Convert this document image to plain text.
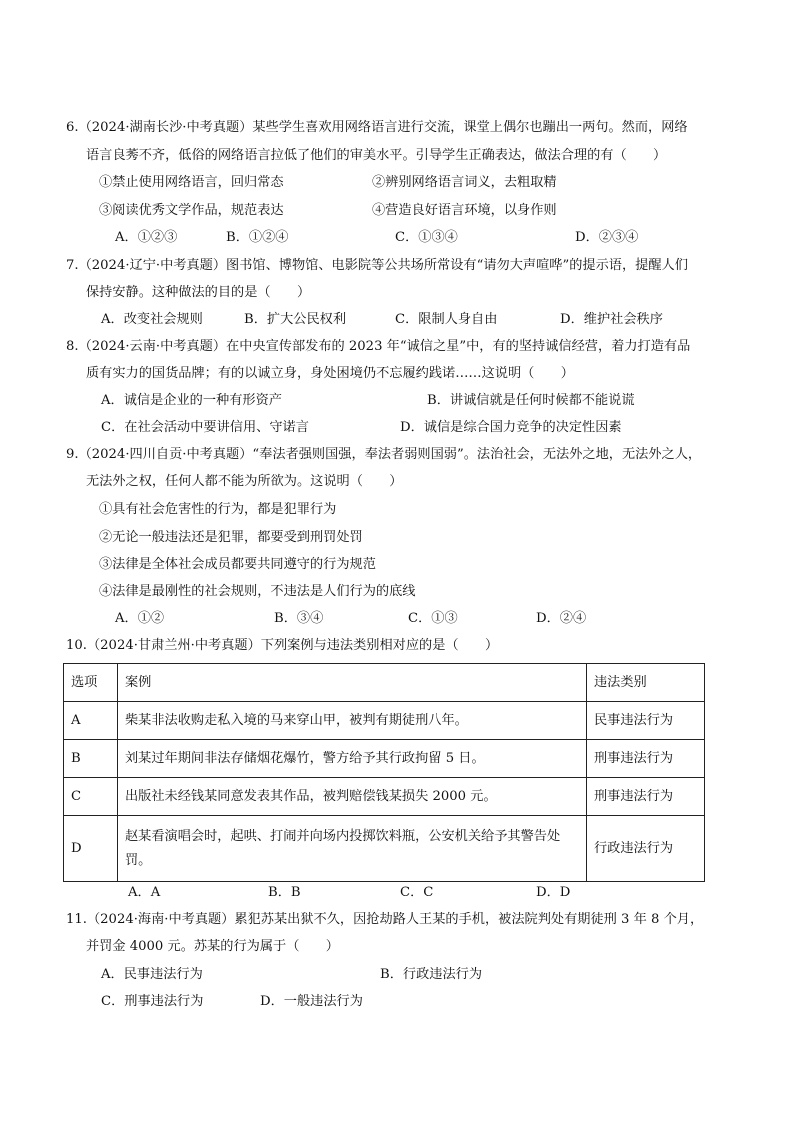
6.（2024·湖南长沙·中考真题）某些学生喜欢用网络语言进行交流，课堂上偶尔也蹦出一两句。然而，网络
语言良莠不齐，低俗的网络语言拉低了他们的审美水平。引导学生正确表达，做法合理的有（　　）
①禁止使用网络语言，回归常态	②辨别网络语言词义，去粗取精
③阅读优秀文学作品，规范表达	④营造良好语言环境，以身作则
A．①②③	B．①②④	C．①③④	D．②③④
7.（2024·辽宁·中考真题）图书馆、博物馆、电影院等公共场所常设有“请勿大声喧哗”的提示语，提醒人们
保持安静。这种做法的目的是（　　）
A．改变社会规则	B．扩大公民权利	C．限制人身自由	D．维护社会秩序
8.（2024·云南·中考真题）在中央宣传部发布的 2023 年“诚信之星”中，有的坚持诚信经营，着力打造有品
质有实力的国货品牌；有的以诚立身，身处困境仍不忘履约践诺……这说明（　　）
A．诚信是企业的一种有形资产	B．讲诚信就是任何时候都不能说谎
C．在社会活动中要讲信用、守诺言	D．诚信是综合国力竞争的决定性因素
9.（2024·四川自贡·中考真题）“奉法者强则国强，奉法者弱则国弱”。法治社会，无法外之地，无法外之人，
无法外之权，任何人都不能为所欲为。这说明（　　）
①具有社会危害性的行为，都是犯罪行为
②无论一般违法还是犯罪，都要受到刑罚处罚
③法律是全体社会成员都要共同遵守的行为规范
④法律是最刚性的社会规则，不违法是人们行为的底线
A．①②	B．③④	C．①③	D．②④
10.（2024·甘肃兰州·中考真题）下列案例与违法类别相对应的是（　　）
选项	案例	违法类别
A	柴某非法收购走私入境的马来穿山甲，被判有期徒刑八年。	民事违法行为
B	刘某过年期间非法存储烟花爆竹，警方给予其行政拘留 5 日。	刑事违法行为
C	出版社未经钱某同意发表其作品，被判赔偿钱某损失 2000 元。	刑事违法行为
D	赵某看演唱会时，起哄、打闹并向场内投掷饮料瓶，公安机关给予其警告处罚。	行政违法行为
A．A	B．B	C．C	D．D
11.（2024·海南·中考真题）累犯苏某出狱不久，因抢劫路人王某的手机，被法院判处有期徒刑 3 年 8 个月，
并罚金 4000 元。苏某的行为属于（　　）
A．民事违法行为	B．行政违法行为
C．刑事违法行为	D．一般违法行为
